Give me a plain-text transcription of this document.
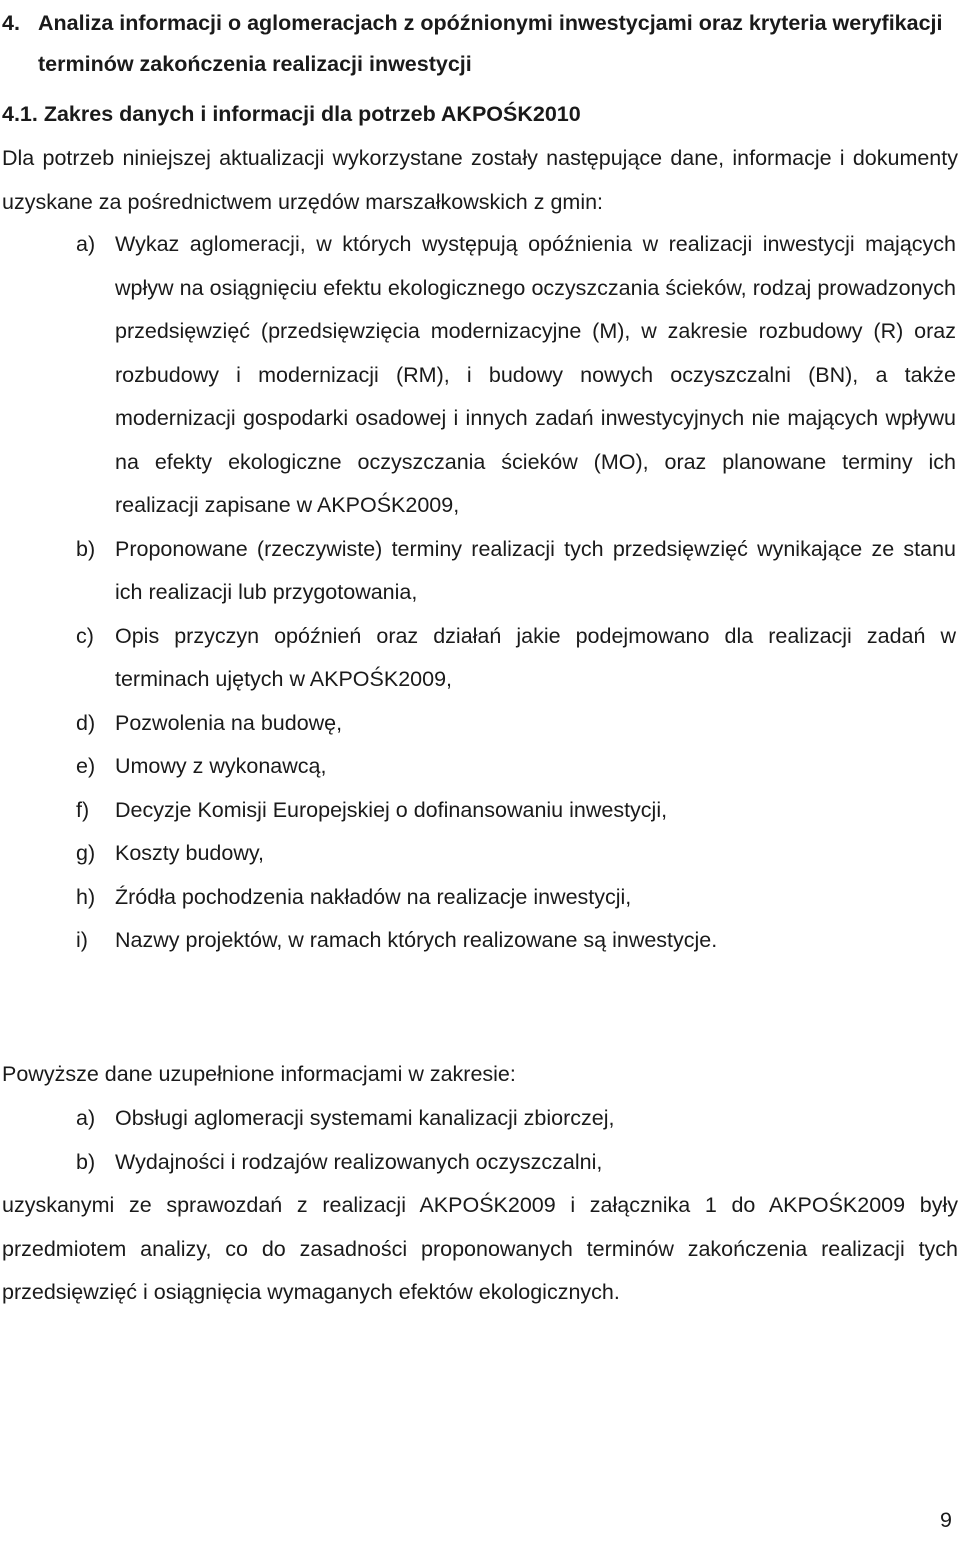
4. Analiza informacji o aglomeracjach z opóźnionymi inwestycjami oraz kryteria weryfikacji terminów zakończenia realizacji inwestycji
4.1. Zakres danych i informacji dla potrzeb AKPOŚK2010
Dla potrzeb niniejszej aktualizacji wykorzystane zostały następujące dane, informacje i dokumenty uzyskane za pośrednictwem urzędów marszałkowskich z gmin:
a) Wykaz aglomeracji, w których występują opóźnienia w realizacji inwestycji mających wpływ na osiągnięciu efektu ekologicznego oczyszczania ścieków, rodzaj prowadzonych przedsięwzięć (przedsięwzięcia modernizacyjne (M), w zakresie rozbudowy (R) oraz rozbudowy i modernizacji (RM), i budowy nowych oczyszczalni (BN), a także modernizacji gospodarki osadowej i innych zadań inwestycyjnych nie mających wpływu na efekty ekologiczne oczyszczania ścieków (MO), oraz planowane terminy ich realizacji zapisane w AKPOŚK2009,
b) Proponowane (rzeczywiste) terminy realizacji tych przedsięwzięć wynikające ze stanu ich realizacji lub przygotowania,
c) Opis przyczyn opóźnień oraz działań jakie podejmowano dla realizacji zadań w terminach ujętych w AKPOŚK2009,
d) Pozwolenia na budowę,
e) Umowy z wykonawcą,
f) Decyzje Komisji Europejskiej o dofinansowaniu inwestycji,
g) Koszty budowy,
h) Źródła pochodzenia nakładów na realizacje inwestycji,
i) Nazwy projektów, w ramach których realizowane są inwestycje.
Powyższe dane uzupełnione informacjami w zakresie:
a) Obsługi aglomeracji systemami kanalizacji zbiorczej,
b) Wydajności i rodzajów realizowanych oczyszczalni,
uzyskanymi ze sprawozdań z realizacji AKPOŚK2009 i załącznika 1 do AKPOŚK2009 były przedmiotem analizy, co do zasadności proponowanych terminów zakończenia realizacji tych przedsięwzięć i osiągnięcia wymaganych efektów ekologicznych.
9
